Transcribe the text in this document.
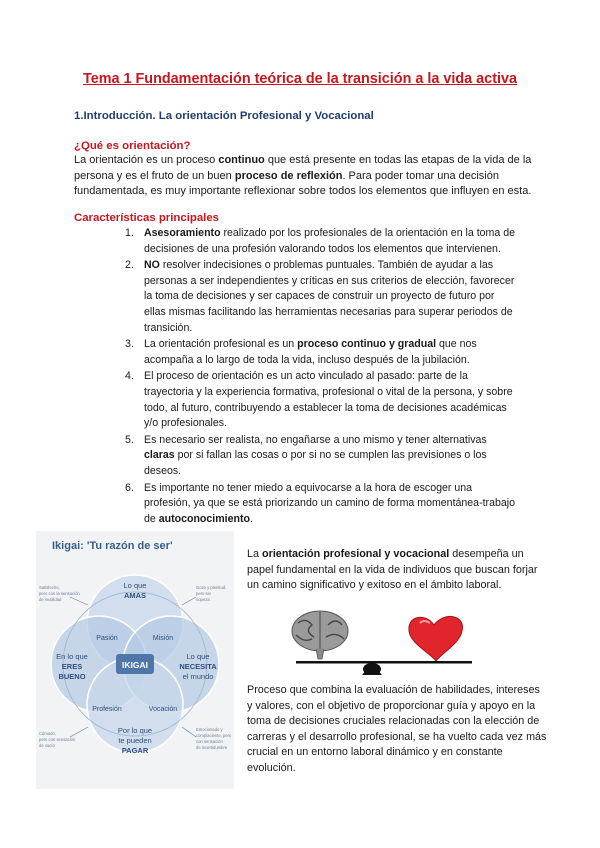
Tema 1 Fundamentación teórica de la transición a la vida activa
1.Introducción. La orientación Profesional y Vocacional
¿Qué es orientación?
La orientación es un proceso continuo que está presente en todas las etapas de la vida de la persona y es el fruto de un buen proceso de reflexión. Para poder tomar una decisión fundamentada, es muy importante reflexionar sobre todos los elementos que influyen en esta.
Características principales
1. Asesoramiento realizado por los profesionales de la orientación en la toma de decisiones de una profesión valorando todos los elementos que intervienen.
2. NO resolver indecisiones o problemas puntuales. También de ayudar a las personas a ser independientes y críticas en sus criterios de elección, favorecer la toma de decisiones y ser capaces de construir un proyecto de futuro por ellas mismas facilitando las herramientas necesarias para superar periodos de transición.
3. La orientación profesional es un proceso continuo y gradual que nos acompaña a lo largo de toda la vida, incluso después de la jubilación.
4. El proceso de orientación es un acto vinculado al pasado: parte de la trayectoria y la experiencia formativa, profesional o vital de la persona, y sobre todo, al futuro, contribuyendo a establecer la toma de decisiones académicas y/o profesionales.
5. Es necesario ser realista, no engañarse a uno mismo y tener alternativas claras por si fallan las cosas o por si no se cumplen las previsiones o los deseos.
6. Es importante no tener miedo a equivocarse a la hora de escoger una profesión, ya que se está priorizando un camino de forma momentánea-trabajo de autoconocimiento.
Ikigai: 'Tu razón de ser'
IKIGAI
Lo que
AMAS
En lo que
ERES
BUENO
Lo que
NECESITA
el mundo
Por lo que
te pueden
PAGAR
Pasión	Misión
Profesión	Vocación
Satisfecho,
pero con la sensación
de inutilidad
Gozo y plenitud,
pero sin
riqueza
Cómodo,
pero con sensación
de vacío
Emocionado y
complaciente, pero
con sensación
de incertidumbre
La orientación profesional y vocacional desempeña un papel fundamental en la vida de individuos que buscan forjar un camino significativo y exitoso en el ámbito laboral.
Proceso que combina la evaluación de habilidades, intereses y valores, con el objetivo de proporcionar guía y apoyo en la toma de decisiones cruciales relacionadas con la elección de carreras y el desarrollo profesional, se ha vuelto cada vez más crucial en un entorno laboral dinámico y en constante evolución.
